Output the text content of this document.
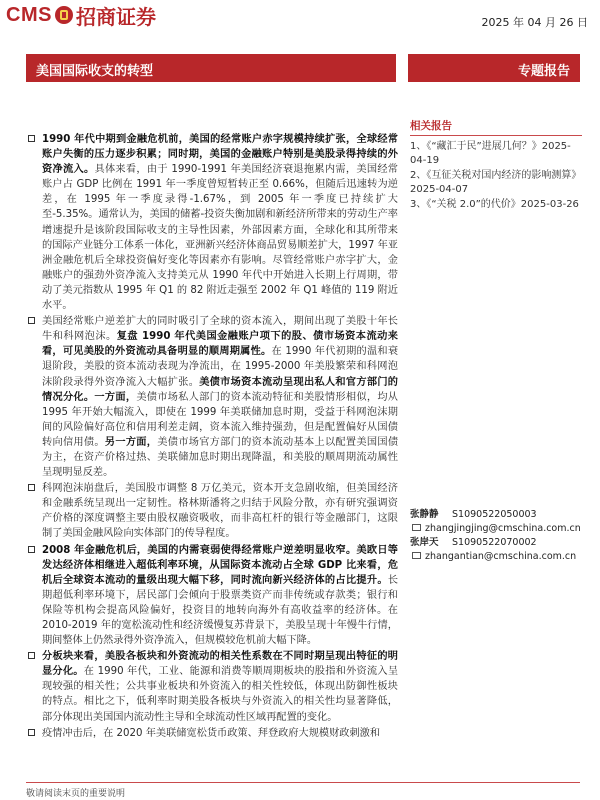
CMS 招商证券	2025 年 04 月 26 日
美国国际收支的转型	专题报告

1990 年代中期到金融危机前，美国的经常账户赤字规模持续扩张，全球经常账户失衡的压力逐步积累；同时期，美国的金融账户特别是美股录得持续的外资净流入。具体来看，由于 1990-1991 年美国经济衰退拖累内需，美国经常账户占 GDP 比例在 1991 年一季度曾短暂转正至 0.66%，但随后迅速转为逆差，在 1995 年一季度录得-1.67%，到 2005 年一季度已持续扩大至-5.35%。通常认为，美国的储蓄-投资失衡加剧和新经济所带来的劳动生产率增速提升是该阶段国际收支的主导性因素，外部因素方面，全球化和其所带来的国际产业链分工体系一体化，亚洲新兴经济体商品贸易顺差扩大，1997 年亚洲金融危机后全球投资偏好变化等因素亦有影响。尽管经常账户赤字扩大，金融账户的强劲外资净流入支持美元从 1990 年代中开始进入长期上行周期，带动了美元指数从 1995 年 Q1 的 82 附近走强至 2002 年 Q1 峰值的 119 附近水平。

美国经常账户逆差扩大的同时吸引了全球的资本流入，期间出现了美股十年长牛和科网泡沫。复盘 1990 年代美国金融账户项下的股、债市场资本流动来看，可见美股的外资流动具备明显的顺周期属性。在 1990 年代初期的温和衰退阶段，美股的资本流动表现为净流出，在 1995-2000 年美股繁荣和科网泡沫阶段录得外资净流入大幅扩张。美债市场资本流动呈现出私人和官方部门的情况分化。一方面，美债市场私人部门的资本流动特征和美股情形相似，均从 1995 年开始大幅流入，即使在 1999 年美联储加息时期，受益于科网泡沫期间的风险偏好高位和信用利差走阔，资本流入维持强劲，但是配置偏好从国债转向信用债。另一方面，美债市场官方部门的资本流动基本上以配置美国国债为主，在资产价格过热、美联储加息时期出现降温，和美股的顺周期流动属性呈现明显反差。

科网泡沫崩盘后，美国股市调整 8 万亿美元，资本开支急剧收缩，但美国经济和金融系统呈现出一定韧性。格林斯潘将之归结于风险分散，亦有研究强调资产价格的深度调整主要由股权融资吸收，而非高杠杆的银行等金融部门，这限制了美国金融风险向实体部门的传导程度。

2008 年金融危机后，美国的内需衰弱使得经常账户逆差明显收窄。美欧日等发达经济体相继进入超低利率环境，从国际资本流动占全球 GDP 比来看，危机后全球资本流动的量级出现大幅下移，同时流向新兴经济体的占比提升。长期超低利率环境下，居民部门会倾向于股票类资产而非传统或存款类；银行和保险等机构会提高风险偏好，投资目的地转向海外有高收益率的经济体。在 2010-2019 年的宽松流动性和经济缓慢复苏背景下，美股呈现十年慢牛行情，期间整体上仍然录得外资净流入，但规模较危机前大幅下降。

分板块来看，美股各板块和外资流动的相关性系数在不同时期呈现出特征的明显分化。在 1990 年代，工业、能源和消费等顺周期板块的股指和外资流入呈现较强的相关性；公共事业板块和外资流入的相关性较低，体现出防御性板块的特点。相比之下，低利率时期美股各板块与外资流入的相关性均显著降低，部分体现出美国国内流动性主导和全球流动性区域再配置的变化。

疫情冲击后，在 2020 年美联储宽松货币政策、拜登政府大规模财政刺激和

相关报告
1、《“藏汇于民”进展几何？》2025-04-19
2、《互征关税对国内经济的影响测算》2025-04-07
3、《“关税 2.0”的代价》2025-03-26
张静静 S1090522050003
zhangjingjing@cmschina.com.cn
张岸天 S1090522070002
zhangantian@cmschina.com.cn
敬请阅读末页的重要说明
